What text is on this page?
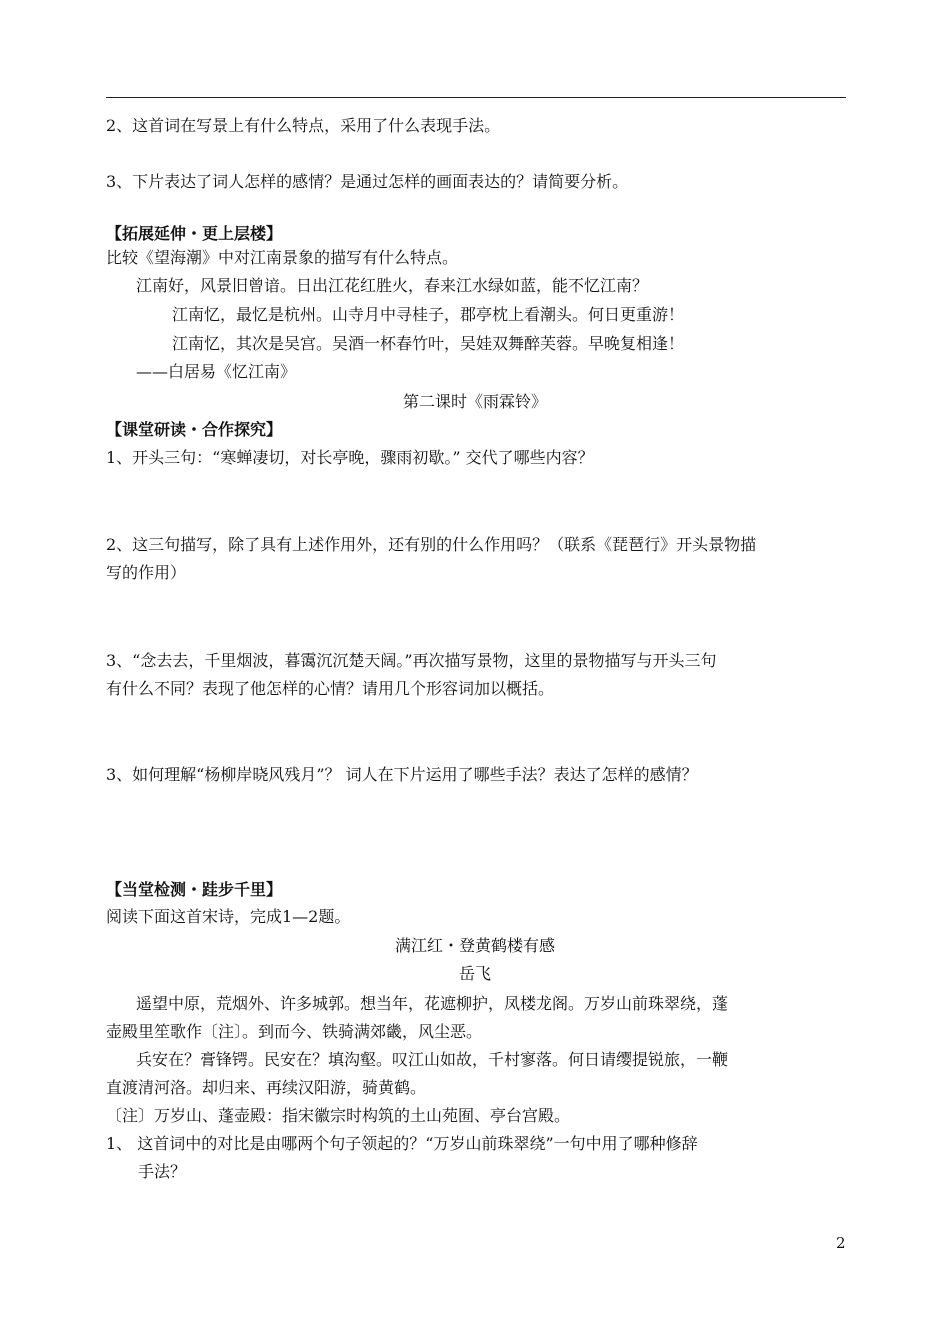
2、这首词在写景上有什么特点，采用了什么表现手法。
3、下片表达了词人怎样的感情？是通过怎样的画面表达的？请简要分析。
【拓展延伸・更上层楼】
比较《望海潮》中对江南景象的描写有什么特点。
江南好，风景旧曾谙。日出江花红胜火，春来江水绿如蓝，能不忆江南？
江南忆，最忆是杭州。山寺月中寻桂子，郡亭枕上看潮头。何日更重游！
江南忆，其次是吴宫。吴酒一杯春竹叶，吴娃双舞醉芙蓉。早晚复相逢！
——白居易《忆江南》
第二课时《雨霖铃》
【课堂研读・合作探究】
1、开头三句：“寒蝉凄切，对长亭晚，骤雨初歇。” 交代了哪些内容？
2、这三句描写，除了具有上述作用外，还有别的什么作用吗？（联系《琵琶行》开头景物描
写的作用）
3、“念去去，千里烟波，暮霭沉沉楚天阔。”再次描写景物，这里的景物描写与开头三句
有什么不同？表现了他怎样的心情？请用几个形容词加以概括。
3、如何理解“杨柳岸晓风残月”？ 词人在下片运用了哪些手法？表达了怎样的感情？
【当堂检测・跬步千里】
阅读下面这首宋诗，完成1—2题。
满江红・登黄鹤楼有感
岳飞
遥望中原，荒烟外、许多城郭。想当年，花遮柳护，凤楼龙阁。万岁山前珠翠绕，蓬
壶殿里笙歌作〔注〕。到而今、铁骑满郊畿，风尘恶。
兵安在？膏锋锷。民安在？填沟壑。叹江山如故，千村寥落。何日请缨提锐旅，一鞭
直渡清河洛。却归来、再续汉阳游，骑黄鹤。
〔注〕万岁山、蓬壶殿：指宋徽宗时构筑的土山苑囿、亭台宫殿。
1、 这首词中的对比是由哪两个句子领起的？“万岁山前珠翠绕”一句中用了哪种修辞
手法？
2
